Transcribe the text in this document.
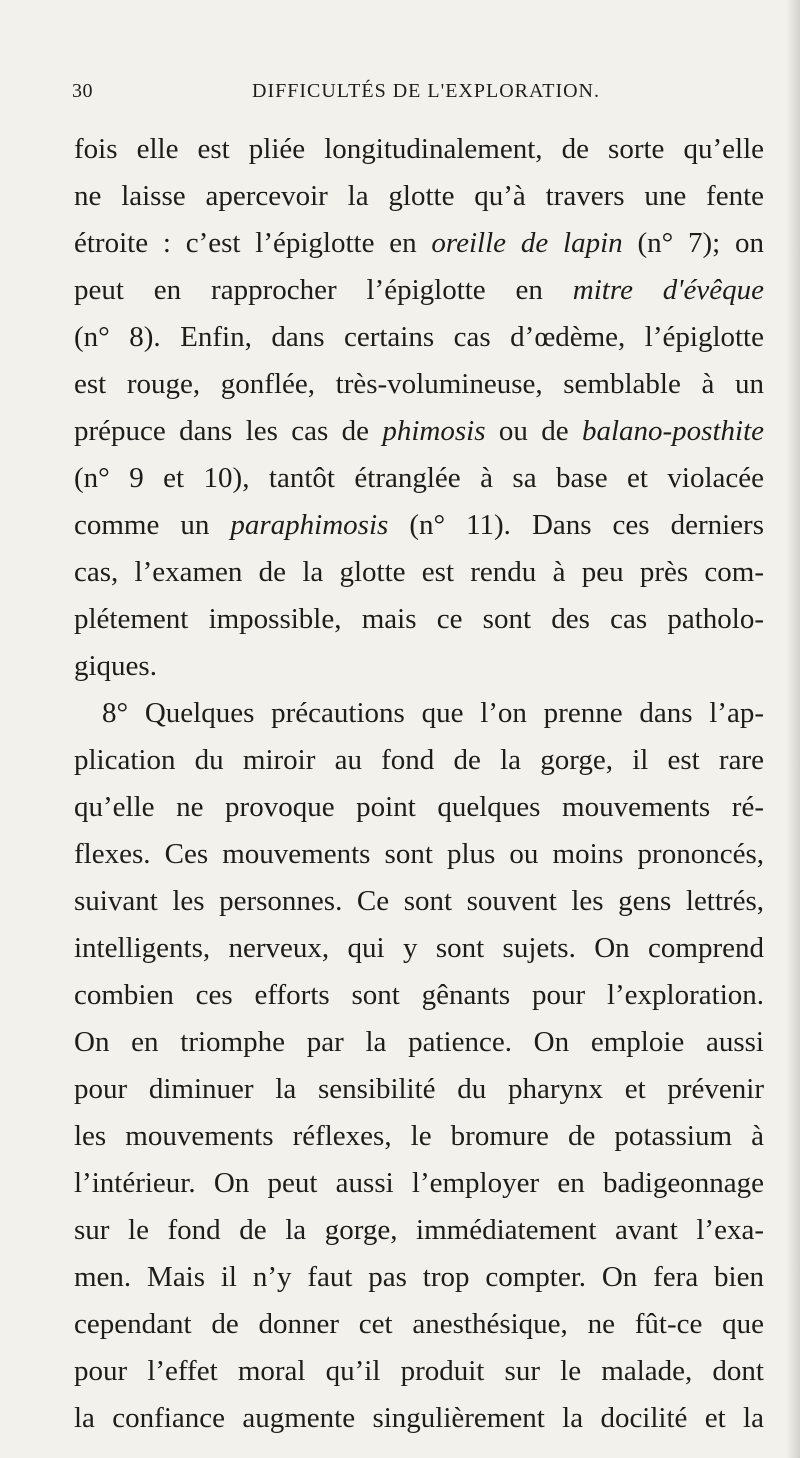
30	DIFFICULTÉS DE L'EXPLORATION.
fois elle est pliée longitudinalement, de sorte qu’elle
ne laisse apercevoir la glotte qu’à travers une fente
étroite : c’est l’épiglotte en oreille de lapin (n° 7); on
peut en rapprocher l’épiglotte en mitre d'évêque
(n° 8). Enfin, dans certains cas d’œdème, l’épiglotte
est rouge, gonflée, très-volumineuse, semblable à un
prépuce dans les cas de phimosis ou de balano-posthite
(n° 9 et 10), tantôt étranglée à sa base et violacée
comme un paraphimosis (n° 11). Dans ces derniers
cas, l’examen de la glotte est rendu à peu près com-
plétement impossible, mais ce sont des cas patholo-
giques.
8° Quelques précautions que l’on prenne dans l’ap-
plication du miroir au fond de la gorge, il est rare
qu’elle ne provoque point quelques mouvements ré-
flexes. Ces mouvements sont plus ou moins prononcés,
suivant les personnes. Ce sont souvent les gens lettrés,
intelligents, nerveux, qui y sont sujets. On comprend
combien ces efforts sont gênants pour l’exploration.
On en triomphe par la patience. On emploie aussi
pour diminuer la sensibilité du pharynx et prévenir
les mouvements réflexes, le bromure de potassium à
l’intérieur. On peut aussi l’employer en badigeonnage
sur le fond de la gorge, immédiatement avant l’exa-
men. Mais il n’y faut pas trop compter. On fera bien
cependant de donner cet anesthésique, ne fût-ce que
pour l’effet moral qu’il produit sur le malade, dont
la confiance augmente singulièrement la docilité et la
